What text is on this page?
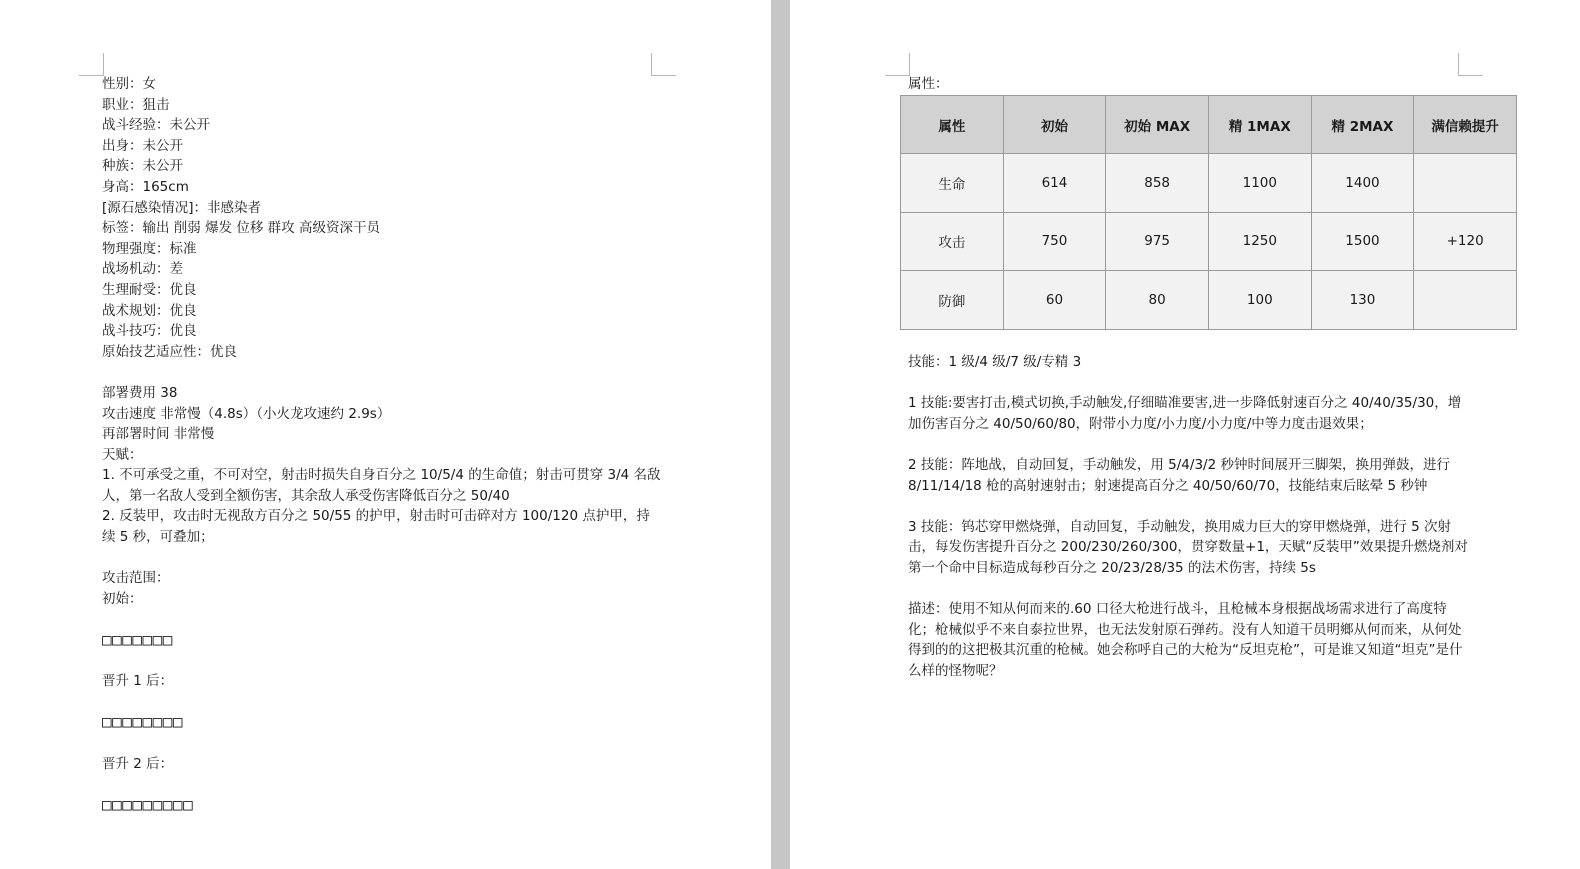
性别：女
职业：狙击
战斗经验：未公开
出身：未公开
种族：未公开
身高：165cm
[源石感染情况]：非感染者
标签：输出 削弱 爆发 位移 群攻 高级资深干员
物理强度：标准
战场机动：差
生理耐受：优良
战术规划：优良
战斗技巧：优良
原始技艺适应性：优良
部署费用 38
攻击速度 非常慢（4.8s）（小火龙攻速约 2.9s）
再部署时间 非常慢
天赋：
1. 不可承受之重，不可对空，射击时损失自身百分之 10/5/4 的生命值；射击可贯穿 3/4 名敌人，第一名敌人受到全额伤害，其余敌人承受伤害降低百分之 50/40
2. 反装甲，攻击时无视敌方百分之 50/55 的护甲，射击时可击碎对方 100/120 点护甲，持续 5 秒，可叠加；
攻击范围：
初始：
□□□□□□□
晋升 1 后：
□□□□□□□□
晋升 2 后：
□□□□□□□□□
属性：
属性	初始	初始 MAX	精 1MAX	精 2MAX	满信赖提升
生命	614	858	1100	1400	
攻击	750	975	1250	1500	+120
防御	60	80	100	130	

技能：1 级/4 级/7 级/专精 3

1 技能:要害打击,模式切换,手动触发,仔细瞄准要害,进一步降低射速百分之 40/40/35/30，增加伤害百分之 40/50/60/80，附带小力度/小力度/小力度/中等力度击退效果；

2 技能：阵地战，自动回复，手动触发，用 5/4/3/2 秒钟时间展开三脚架，换用弹鼓，进行 8/11/14/18 枪的高射速射击；射速提高百分之 40/50/60/70，技能结束后眩晕 5 秒钟

3 技能：钨芯穿甲燃烧弹，自动回复，手动触发，换用威力巨大的穿甲燃烧弹，进行 5 次射击，每发伤害提升百分之 200/230/260/300，贯穿数量+1，天赋“反装甲”效果提升燃烧剂对第一个命中目标造成每秒百分之 20/23/28/35 的法术伤害，持续 5s

描述：使用不知从何而来的.60 口径大枪进行战斗，且枪械本身根据战场需求进行了高度特化；枪械似乎不来自泰拉世界，也无法发射原石弹药。没有人知道干员明鄉从何而来，从何处得到的的这把极其沉重的枪械。她会称呼自己的大枪为“反坦克枪”，可是谁又知道“坦克”是什么样的怪物呢？
